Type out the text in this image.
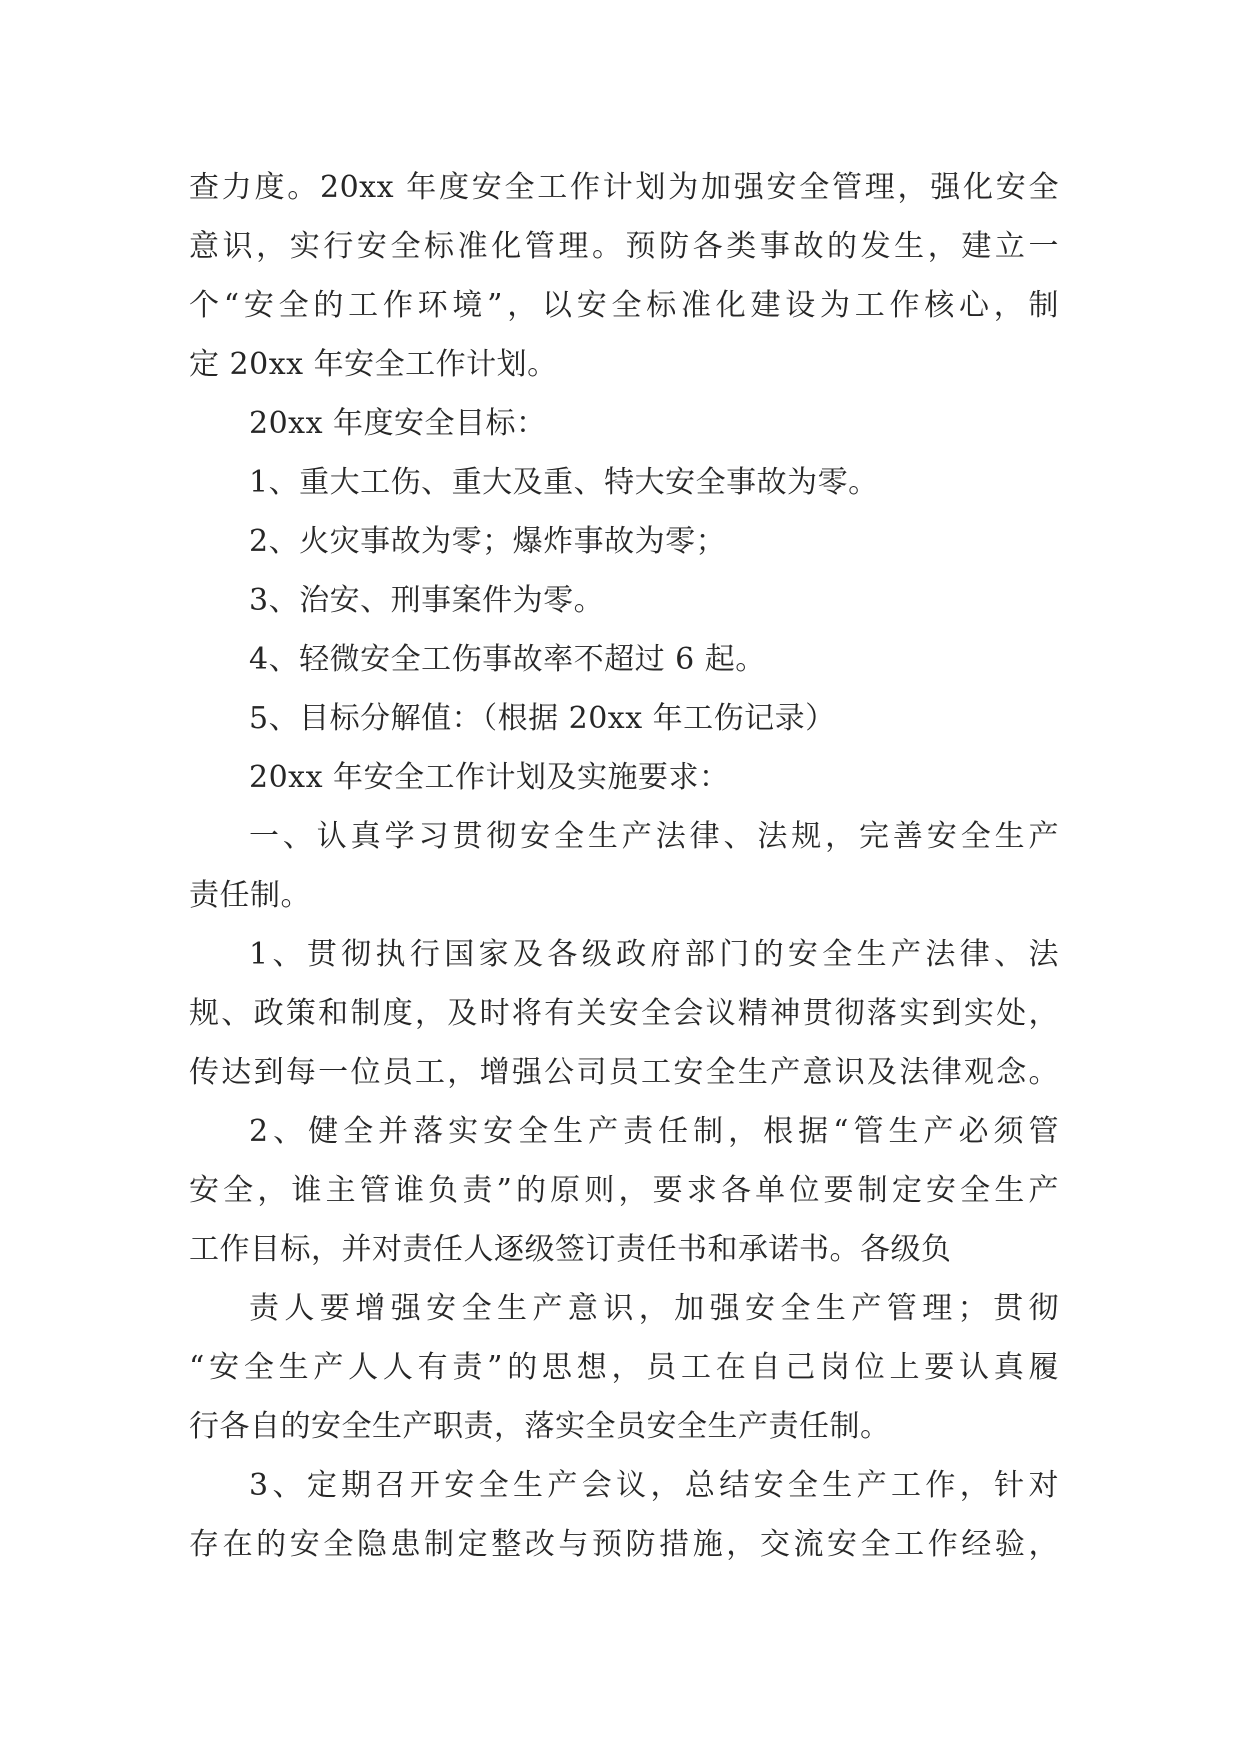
查力度。20xx 年度安全工作计划为加强安全管理，强化安全
意识，实行安全标准化管理。预防各类事故的发生，建立一
个“安全的工作环境”，以安全标准化建设为工作核心，制
定 20xx 年安全工作计划。
20xx 年度安全目标：
1、重大工伤、重大及重、特大安全事故为零。
2、火灾事故为零；爆炸事故为零；
3、治安、刑事案件为零。
4、轻微安全工伤事故率不超过 6 起。
5、目标分解值：（根据 20xx 年工伤记录）
20xx 年安全工作计划及实施要求：
一、认真学习贯彻安全生产法律、法规，完善安全生产
责任制。
1、贯彻执行国家及各级政府部门的安全生产法律、法
规、政策和制度，及时将有关安全会议精神贯彻落实到实处，
传达到每一位员工，增强公司员工安全生产意识及法律观念。
2、健全并落实安全生产责任制，根据“管生产必须管
安全，谁主管谁负责”的原则，要求各单位要制定安全生产
工作目标，并对责任人逐级签订责任书和承诺书。各级负
责人要增强安全生产意识，加强安全生产管理；贯彻
“安全生产人人有责”的思想，员工在自己岗位上要认真履
行各自的安全生产职责，落实全员安全生产责任制。
3、定期召开安全生产会议，总结安全生产工作，针对
存在的安全隐患制定整改与预防措施，交流安全工作经验，
